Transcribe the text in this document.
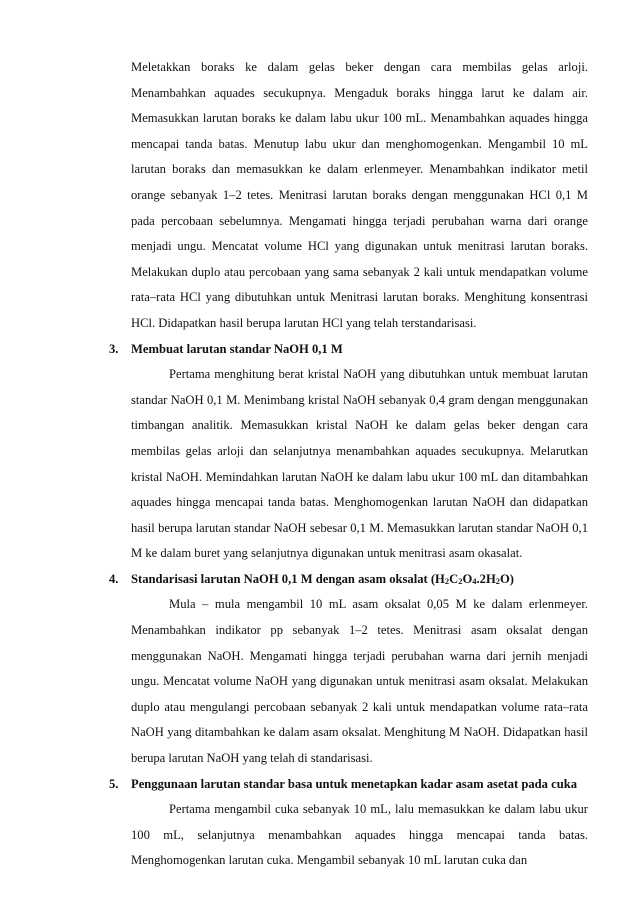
Meletakkan boraks ke dalam gelas beker dengan cara membilas gelas arloji. Menambahkan aquades secukupnya. Mengaduk boraks hingga larut ke dalam air. Memasukkan larutan boraks ke dalam labu ukur 100 mL. Menambahkan aquades hingga mencapai tanda batas. Menutup labu ukur dan menghomogenkan. Mengambil 10 mL larutan boraks dan memasukkan ke dalam erlenmeyer. Menambahkan indikator metil orange sebanyak 1–2 tetes. Menitrasi larutan boraks dengan menggunakan HCl 0,1 M pada percobaan sebelumnya. Mengamati hingga terjadi perubahan warna dari orange menjadi ungu. Mencatat volume HCl yang digunakan untuk menitrasi larutan boraks. Melakukan duplo atau percobaan yang sama sebanyak 2 kali untuk mendapatkan volume rata–rata HCl yang dibutuhkan untuk Menitrasi larutan boraks. Menghitung konsentrasi HCl. Didapatkan hasil berupa larutan HCl yang telah terstandarisasi.

3. Membuat larutan standar NaOH 0,1 M

Pertama menghitung berat kristal NaOH yang dibutuhkan untuk membuat larutan standar NaOH 0,1 M. Menimbang kristal NaOH sebanyak 0,4 gram dengan menggunakan timbangan analitik. Memasukkan kristal NaOH ke dalam gelas beker dengan cara membilas gelas arloji dan selanjutnya menambahkan aquades secukupnya. Melarutkan kristal NaOH. Memindahkan larutan NaOH ke dalam labu ukur 100 mL dan ditambahkan aquades hingga mencapai tanda batas. Menghomogenkan larutan NaOH dan didapatkan hasil berupa larutan standar NaOH sebesar 0,1 M. Memasukkan larutan standar NaOH 0,1 M ke dalam buret yang selanjutnya digunakan untuk menitrasi asam okasalat.

4. Standarisasi larutan NaOH 0,1 M dengan asam oksalat $(H_2C_2O_4.2H_2O)$

Mula – mula mengambil 10 mL asam oksalat 0,05 M ke dalam erlenmeyer. Menambahkan indikator pp sebanyak 1–2 tetes. Menitrasi asam oksalat dengan menggunakan NaOH. Mengamati hingga terjadi perubahan warna dari jernih menjadi ungu. Mencatat volume NaOH yang digunakan untuk menitrasi asam oksalat. Melakukan duplo atau mengulangi percobaan sebanyak 2 kali untuk mendapatkan volume rata–rata NaOH yang ditambahkan ke dalam asam oksalat. Menghitung M NaOH. Didapatkan hasil berupa larutan NaOH yang telah di standarisasi.

5. Penggunaan larutan standar basa untuk menetapkan kadar asam asetat pada cuka

Pertama mengambil cuka sebanyak 10 mL, lalu memasukkan ke dalam labu ukur 100 mL, selanjutnya menambahkan aquades hingga mencapai tanda batas. Menghomogenkan larutan cuka. Mengambil sebanyak 10 mL larutan cuka dan
